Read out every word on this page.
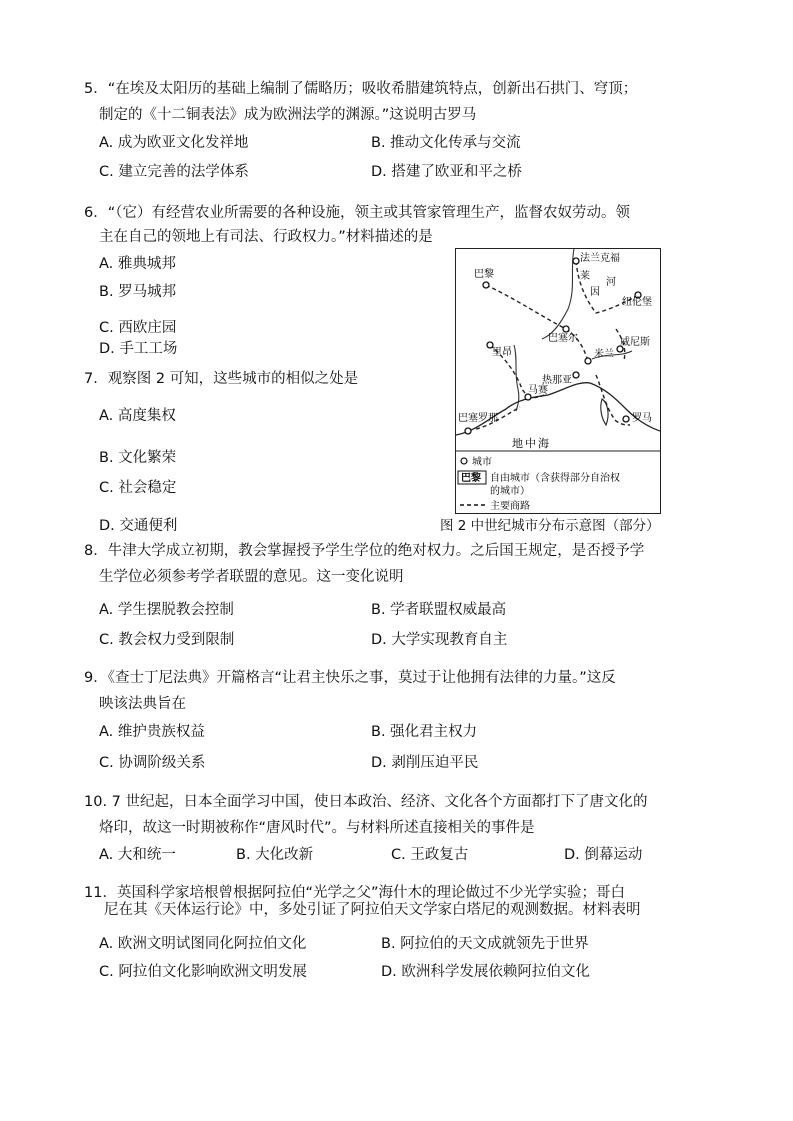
5．“在埃及太阳历的基础上编制了儒略历；吸收希腊建筑特点，创新出石拱门、穹顶；
制定的《十二铜表法》成为欧洲法学的渊源。”这说明古罗马
A. 成为欧亚文化发祥地	B. 推动文化传承与交流
C. 建立完善的法学体系	D. 搭建了欧亚和平之桥
6．“（它）有经营农业所需要的各种设施，领主或其管家管理生产，监督农奴劳动。领
主在自己的领地上有司法、行政权力。”材料描述的是
A. 雅典城邦
B. 罗马城邦
C. 西欧庄园
D. 手工工场
7．观察图 2 可知，这些城市的相似之处是
A. 高度集权
B. 文化繁荣
C. 社会稳定
D. 交通便利
法兰克福
巴黎
纽伦堡
巴塞尔
里昂	米兰
威尼斯
热那亚
马赛
巴塞罗那	罗马
莱
因
河
地中海
城市
巴黎 自由城市（含获得部分自治权
的城市）
主要商路
图 2 中世纪城市分布示意图（部分）
8．牛津大学成立初期，教会掌握授予学生学位的绝对权力。之后国王规定，是否授予学
生学位必须参考学者联盟的意见。这一变化说明
A. 学生摆脱教会控制	B. 学者联盟权威最高
C. 教会权力受到限制	D. 大学实现教育自主
9．《查士丁尼法典》开篇格言“让君主快乐之事，莫过于让他拥有法律的力量。”这反
映该法典旨在
A. 维护贵族权益	B. 强化君主权力
C. 协调阶级关系	D. 剥削压迫平民
10. 7 世纪起，日本全面学习中国，使日本政治、经济、文化各个方面都打下了唐文化的
烙印，故这一时期被称作“唐风时代”。与材料所述直接相关的事件是
A. 大和统一	B. 大化改新	C. 王政复古	D. 倒幕运动
11．英国科学家培根曾根据阿拉伯“光学之父”海什木的理论做过不少光学实验；哥白
尼在其《天体运行论》中，多处引证了阿拉伯天文学家白塔尼的观测数据。材料表明
A. 欧洲文明试图同化阿拉伯文化	B. 阿拉伯的天文成就领先于世界
C. 阿拉伯文化影响欧洲文明发展	D. 欧洲科学发展依赖阿拉伯文化
